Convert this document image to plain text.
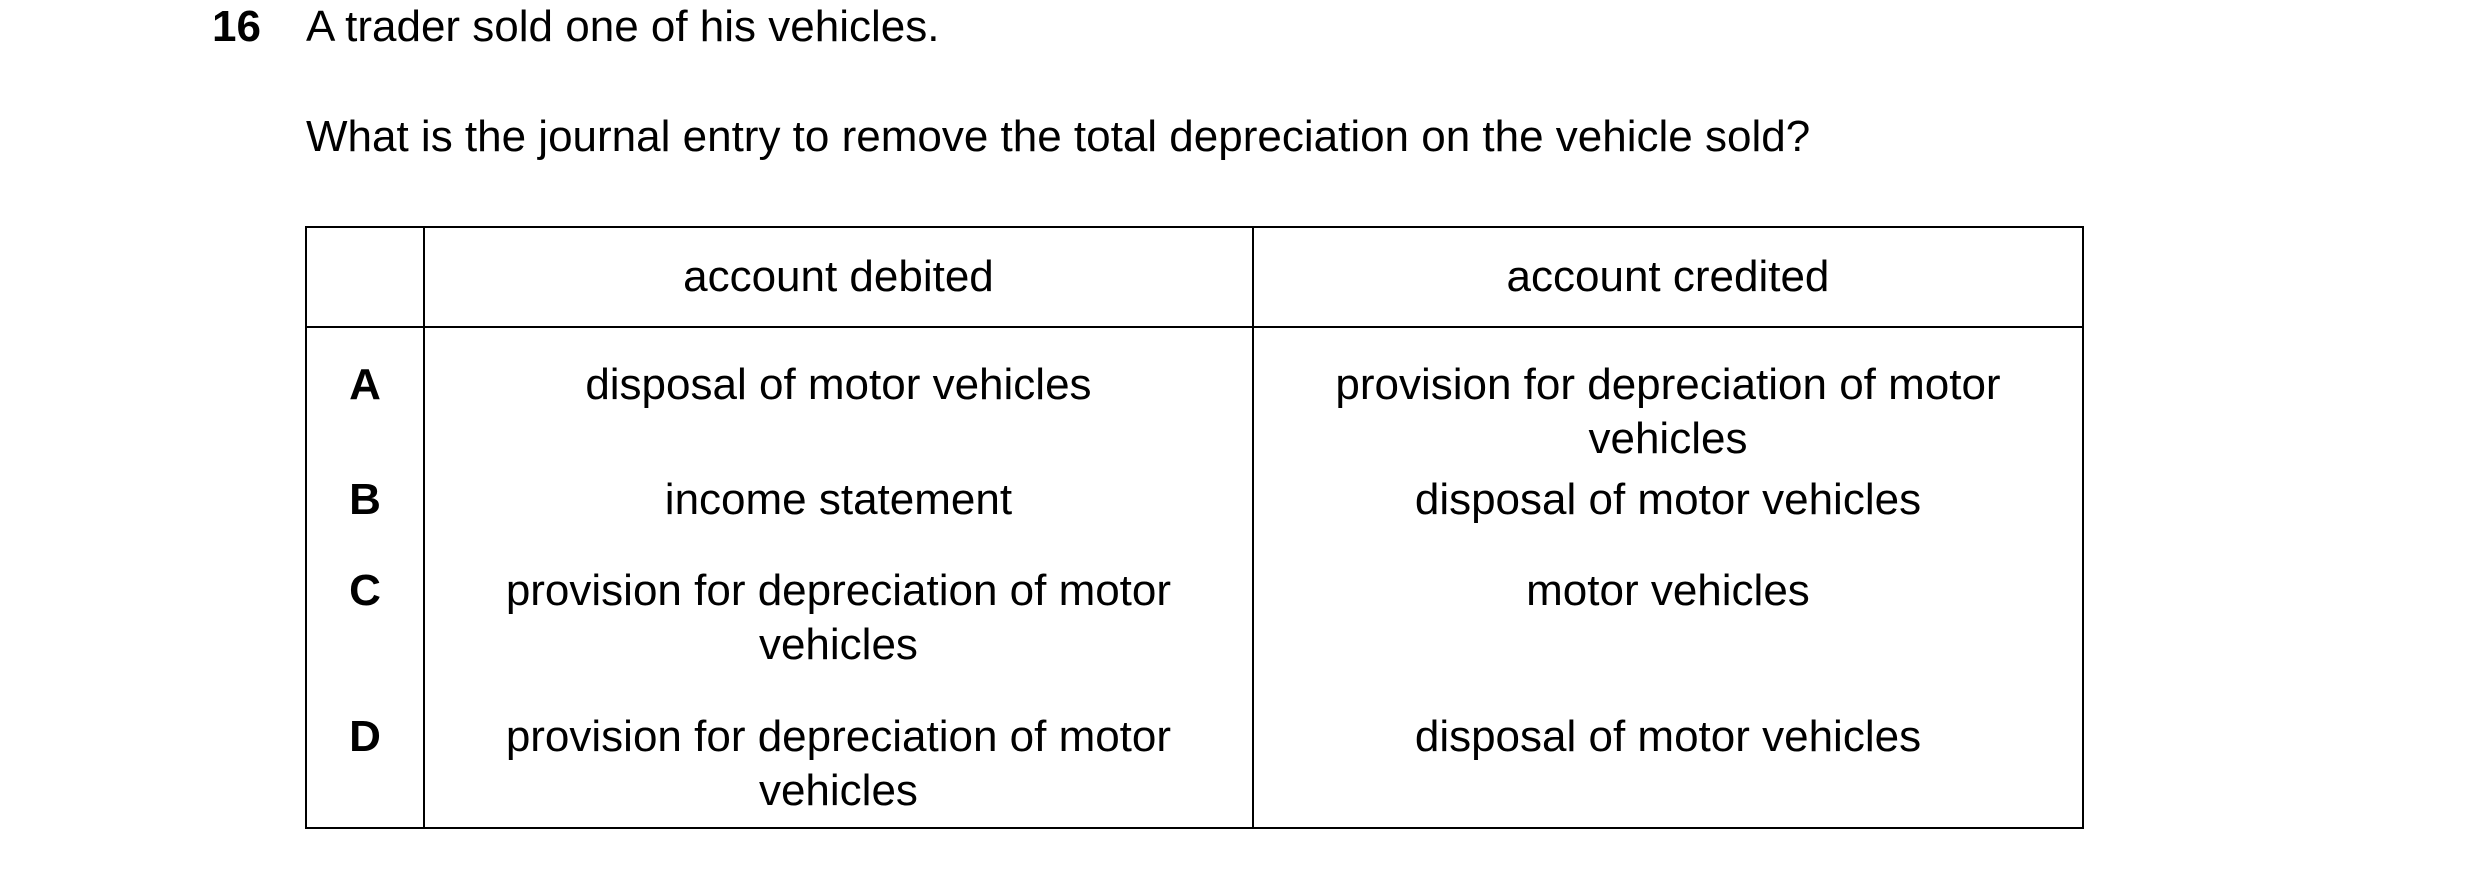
16 A trader sold one of his vehicles.
What is the journal entry to remove the total depreciation on the vehicle sold?
	account debited	account credited
A	disposal of motor vehicles	provision for depreciation of motor vehicles
B	income statement	disposal of motor vehicles
C	provision for depreciation of motor vehicles	motor vehicles
D	provision for depreciation of motor vehicles	disposal of motor vehicles
